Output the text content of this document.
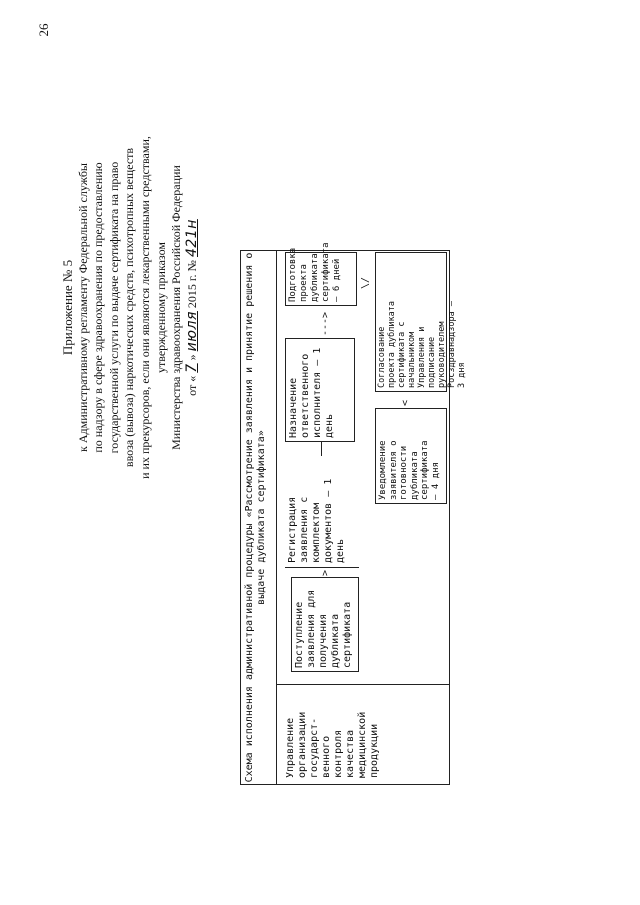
26
Приложение № 5 к Административному регламенту Федеральной службы по надзору в сфере здравоохранения по предоставлению государственной услуги по выдаче сертификата на право ввоза (вывоза) наркотических средств, психотропных веществ и их прекурсоров, если они являются лекарственными средствами, утвержденному приказом Министерства здравоохранения Российской Федерации от « 7 » июля 2015 г. № 421н
Схема исполнения административной процедуры «Рассмотрение заявления и принятие решения о выдаче дубликата сертификата»
Управление
организации
государст-
венного
контроля
качества
медицинской
продукции
Поступление
заявления для
получения
дубликата
сертификата
>
Регистрация
заявления с
комплектом
документов – 1
день
Назначение
ответственного
исполнителя – 1
день
--->
Подготовка
проекта
дубликата
сертификата
– 6 дней
\/
Согласование
проекта дубликата
сертификата с
начальником
Управления и
подписание
руководителем
Росздравнадзора –
3 дня
<
Уведомление
заявителя о
готовности
дубликата
сертификата
– 4 дня
